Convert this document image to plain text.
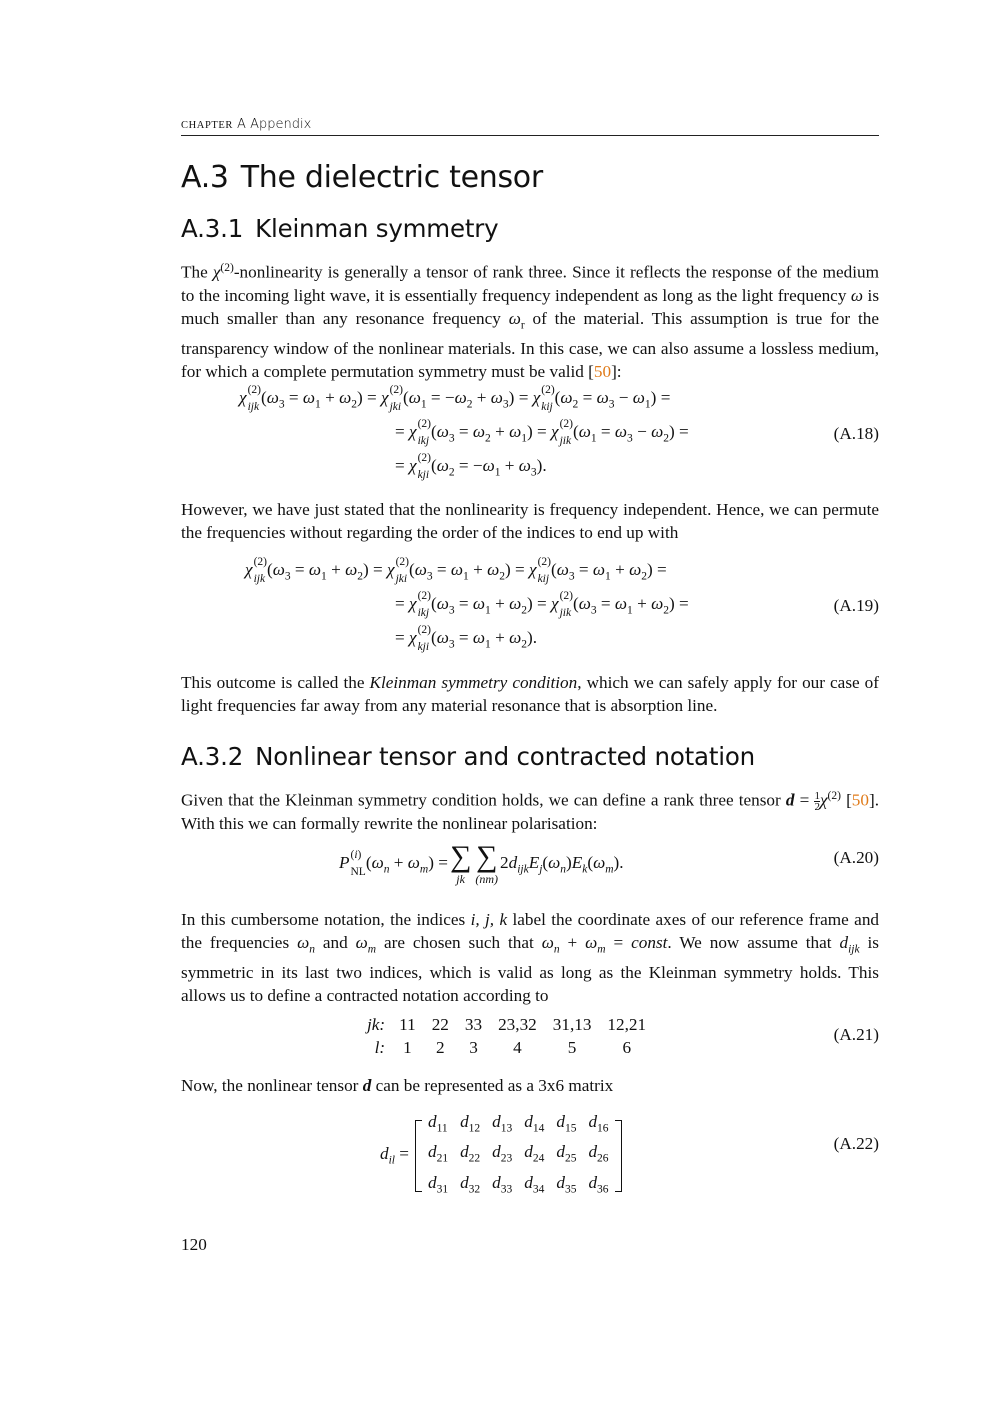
CHAPTER A Appendix
A.3 The dielectric tensor
A.3.1 Kleinman symmetry

The $\chi^{(2)}$-nonlinearity is generally a tensor of rank three. Since it reflects the response of the medium to the incoming light wave, it is essentially frequency independent as long as the light frequency ω is much smaller than any resonance frequency $\omega_r$ of the material. This assumption is true for the transparency window of the nonlinear materials. In this case, we can also assume a lossless medium, for which a complete permutation symmetry must be valid [50]:

χ (2)
ijk
$(\omega_3 = \omega_1 + \omega_2) = \chi$ (2)
jki
$(\omega_1 = -\omega_2 + \omega_3) = \chi$ (2)
kij
$(\omega_2 = \omega_3 - \omega_1)$ =
= χ (2)
ikj
$(\omega_3 = \omega_2 + \omega_1) = \chi$ (2)
jik
$(\omega_1 = \omega_3 - \omega_2)$ =
= χ (2)
kji
$(\omega_2 = -\omega_1 + \omega_3)$.
(A.18)

However, we have just stated that the nonlinearity is frequency independent. Hence, we can permute the frequencies without regarding the order of the indices to end up with

χ (2)
ijk
$(\omega_3 = \omega_1 + \omega_2) = \chi$ (2)
jki
$(\omega_3 = \omega_1 + \omega_2) = \chi$ (2)
kij
$(\omega_3 = \omega_1 + \omega_2)$ =
= χ (2)
ikj
$(\omega_3 = \omega_1 + \omega_2) = \chi$ (2)
jik
$(\omega_3 = \omega_1 + \omega_2)$ =
= χ (2)
kji
$(\omega_3 = \omega_1 + \omega_2)$.
(A.19)

This outcome is called the Kleinman symmetry condition, which we can safely apply for our case of light frequencies far away from any material resonance that is absorption line.

A.3.2 Nonlinear tensor and contracted notation

Given that the Kleinman symmetry condition holds, we can define a rank three tensor $d = \frac{1}{2} \chi^{(2)}$ [50]. With this we can formally rewrite the nonlinear polarisation:

P (i)
NL
$(\omega_n + \omega_m)$ = ∑
jk
∑
(nm)
$2d_{ijk}E_j(\omega_n)E_k(\omega_m)$.	(A.20)

In this cumbersome notation, the indices i, j, k label the coordinate axes of our reference frame and the frequencies $\omega_n$ and $\omega_m$ are chosen such that $\omega_n + \omega_m$ = const. We now assume that $d_{ijk}$ is symmetric in its last two indices, which is valid as long as the Kleinman symmetry holds. This allows us to define a contracted notation according to

jk:	11	22	33	23,32	31,13	12,21
l:	1	2	3	4	5	6
(A.21)

Now, the nonlinear tensor d can be represented as a 3x6 matrix

$d_{il}$ =
$d_{11}$	$d_{12}$	$d_{13}$	$d_{14}$	$d_{15}$	$d_{16}$
$d_{21}$	$d_{22}$	$d_{23}$	$d_{24}$	$d_{25}$	$d_{26}$
$d_{31}$	$d_{32}$	$d_{33}$	$d_{34}$	$d_{35}$	$d_{36}$
(A.22)
120
